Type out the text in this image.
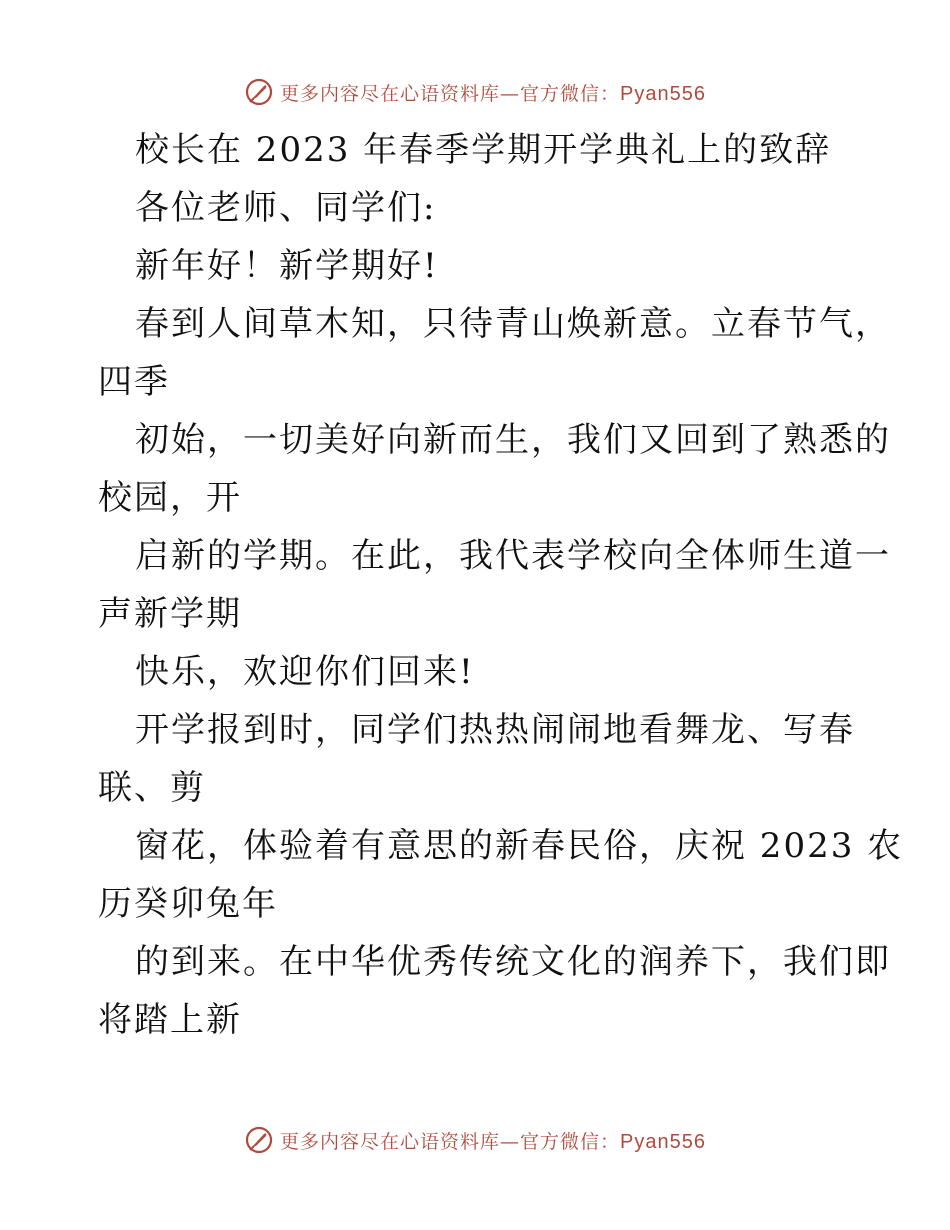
更多内容尽在心语资料库—官方微信：Pyan556
校长在 2023 年春季学期开学典礼上的致辞
各位老师、同学们:
新年好！新学期好!
春到人间草木知，只待青山焕新意。立春节气，
四季
初始，一切美好向新而生，我们又回到了熟悉的
校园，开
启新的学期。在此，我代表学校向全体师生道一
声新学期
快乐，欢迎你们回来!
开学报到时，同学们热热闹闹地看舞龙、写春
联、剪
窗花，体验着有意思的新春民俗，庆祝 2023 农
历癸卯兔年
的到来。在中华优秀传统文化的润养下，我们即
将踏上新
更多内容尽在心语资料库—官方微信：Pyan556
